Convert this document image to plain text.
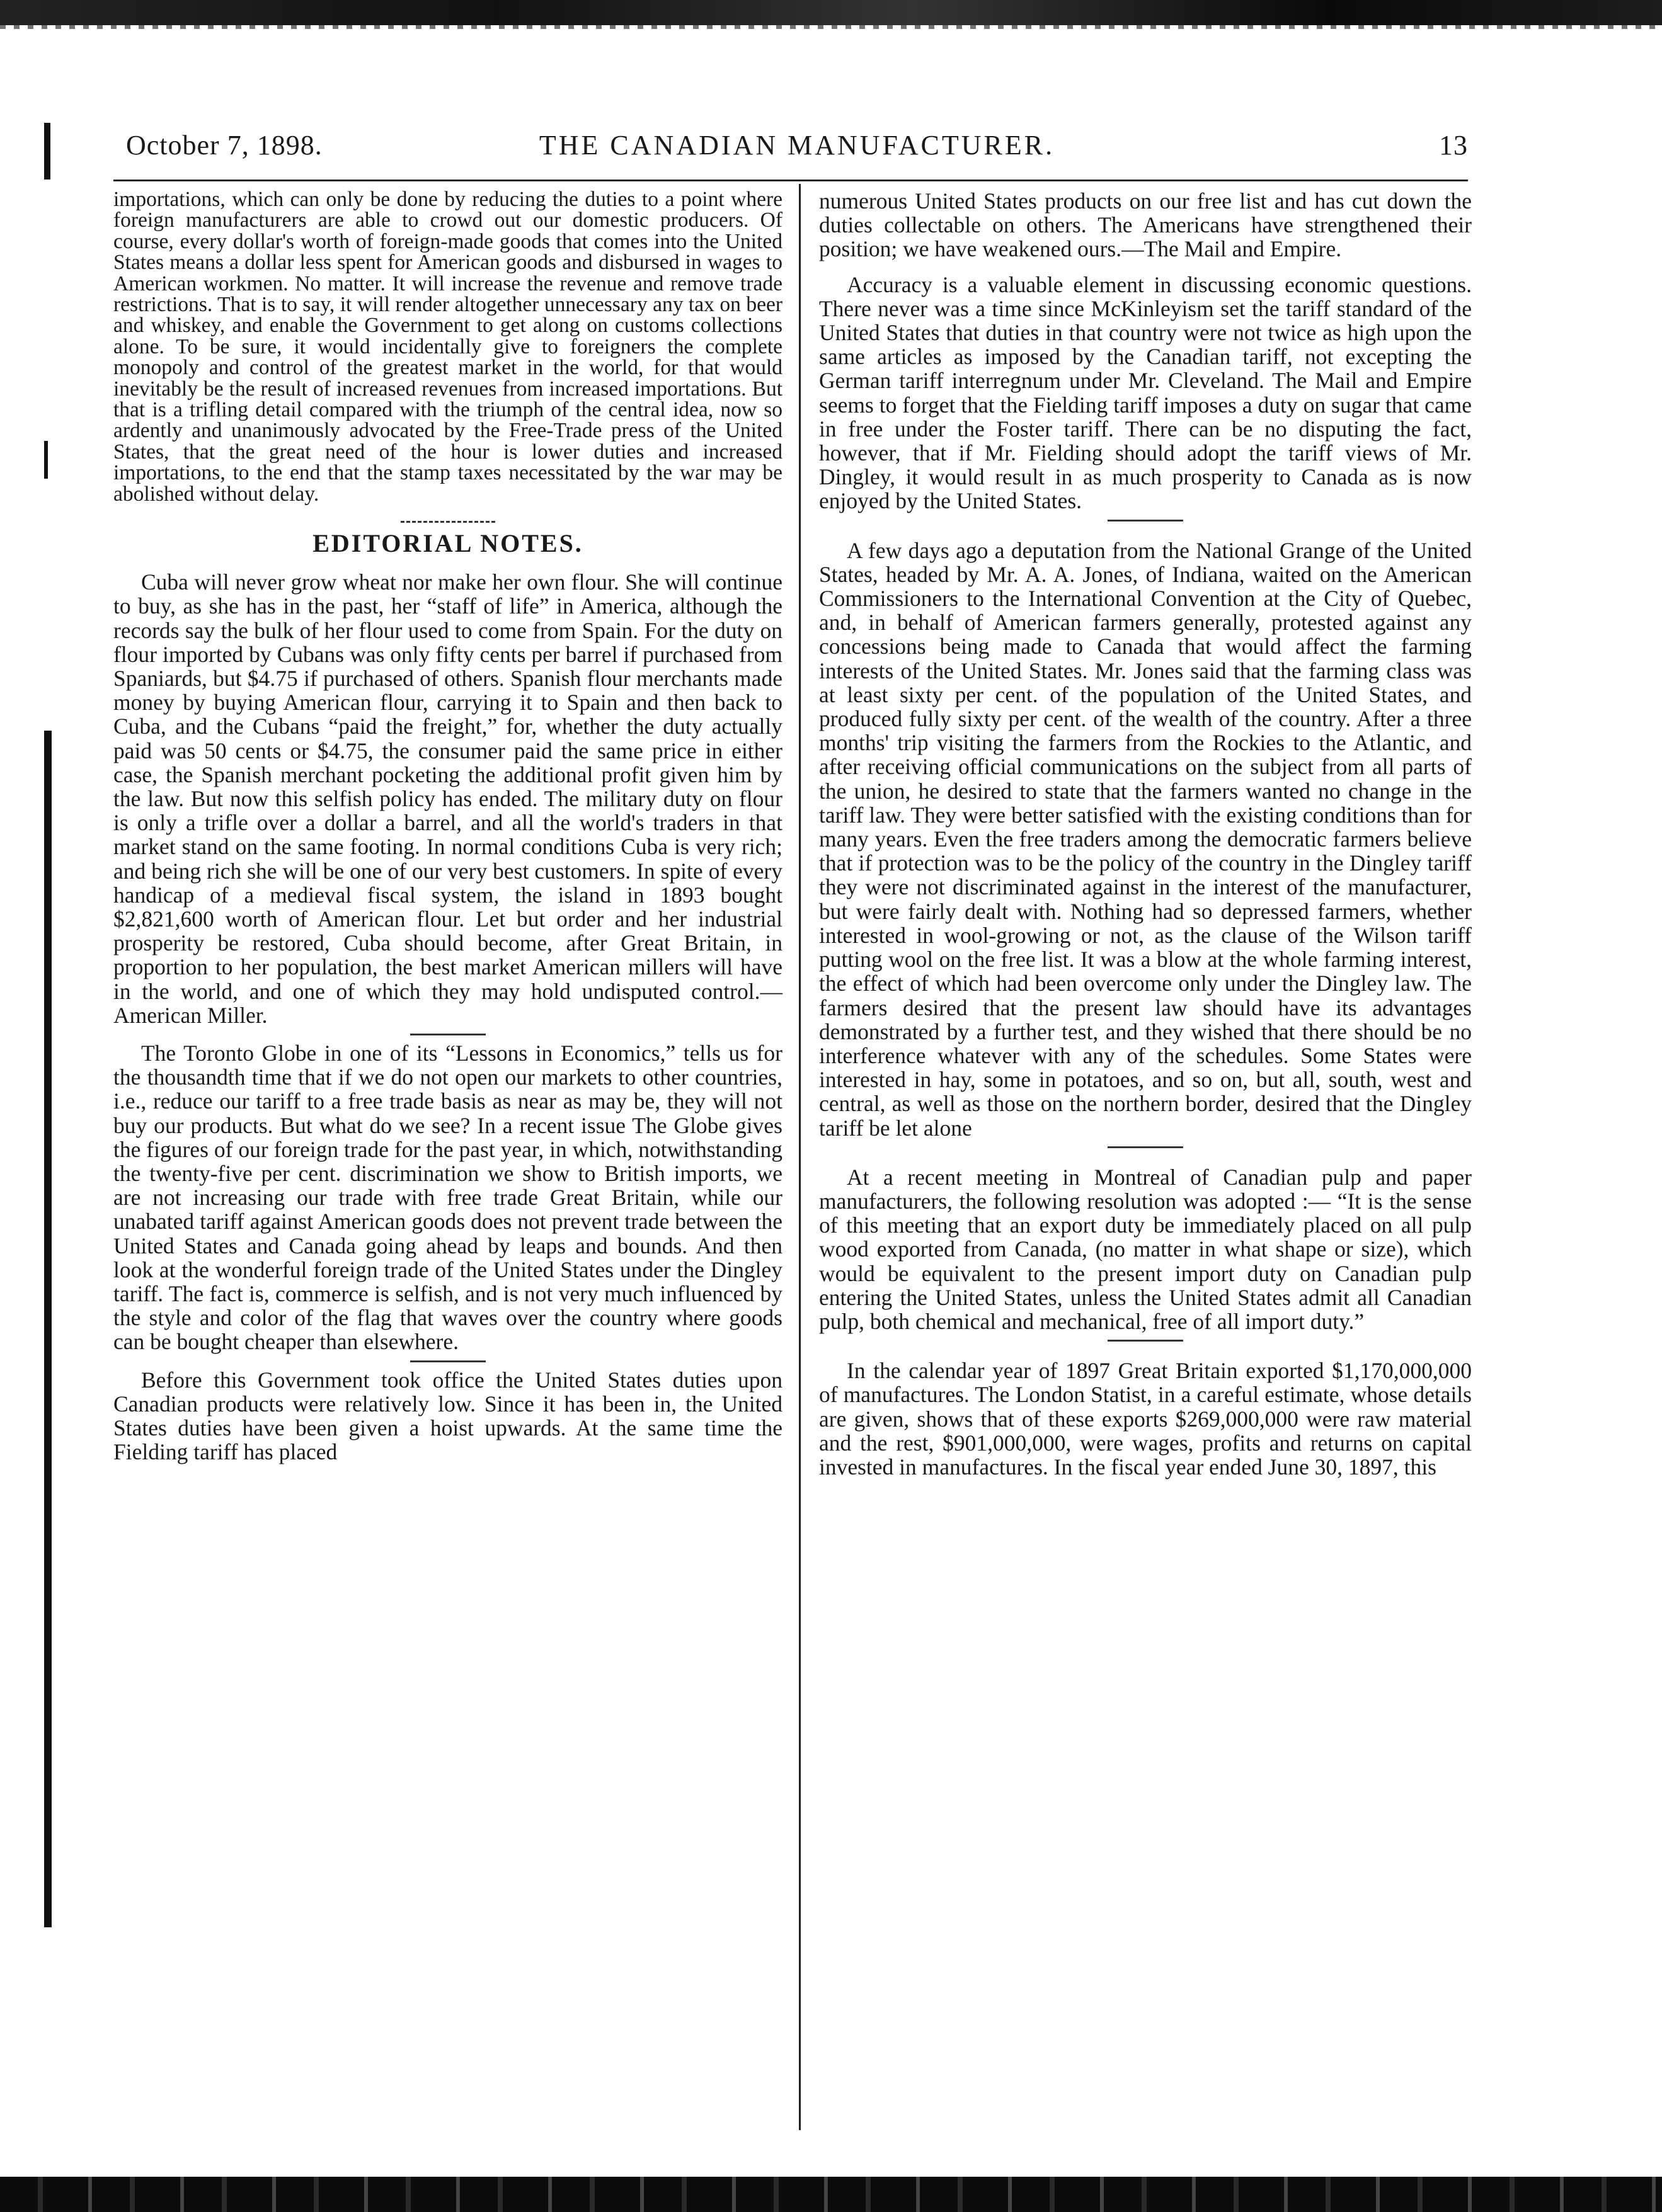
October 7, 1898.	THE CANADIAN MANUFACTURER.	13

importations, which can only be done by reducing the duties to a point where foreign manufacturers are able to crowd out our domestic producers. Of course, every dollar's worth of foreign-made goods that comes into the United States means a dollar less spent for American goods and disbursed in wages to American workmen. No matter. It will increase the revenue and remove trade restrictions. That is to say, it will render altogether unnecessary any tax on beer and whiskey, and enable the Government to get along on customs collections alone. To be sure, it would incidentally give to foreigners the complete monopoly and control of the greatest market in the world, for that would inevitably be the result of increased revenues from increased importations. But that is a trifling detail compared with the triumph of the central idea, now so ardently and unanimously advocated by the Free-Trade press of the United States, that the great need of the hour is lower duties and increased importations, to the end that the stamp taxes necessitated by the war may be abolished without delay.

EDITORIAL NOTES.

Cuba will never grow wheat nor make her own flour. She will continue to buy, as she has in the past, her “staff of life” in America, although the records say the bulk of her flour used to come from Spain. For the duty on flour imported by Cubans was only fifty cents per barrel if purchased from Spaniards, but $4.75 if purchased of others. Spanish flour merchants made money by buying American flour, carrying it to Spain and then back to Cuba, and the Cubans “paid the freight,” for, whether the duty actually paid was 50 cents or $4.75, the consumer paid the same price in either case, the Spanish merchant pocketing the additional profit given him by the law. But now this selfish policy has ended. The military duty on flour is only a trifle over a dollar a barrel, and all the world's traders in that market stand on the same footing. In normal conditions Cuba is very rich; and being rich she will be one of our very best customers. In spite of every handicap of a medieval fiscal system, the island in 1893 bought $2,821,600 worth of American flour. Let but order and her industrial prosperity be restored, Cuba should become, after Great Britain, in proportion to her population, the best market American millers will have in the world, and one of which they may hold undisputed control.—American Miller.

The Toronto Globe in one of its “Lessons in Economics,” tells us for the thousandth time that if we do not open our markets to other countries, i.e., reduce our tariff to a free trade basis as near as may be, they will not buy our products. But what do we see? In a recent issue The Globe gives the figures of our foreign trade for the past year, in which, notwithstanding the twenty-five per cent. discrimination we show to British imports, we are not increasing our trade with free trade Great Britain, while our unabated tariff against American goods does not prevent trade between the United States and Canada going ahead by leaps and bounds. And then look at the wonderful foreign trade of the United States under the Dingley tariff. The fact is, commerce is selfish, and is not very much influenced by the style and color of the flag that waves over the country where goods can be bought cheaper than elsewhere.

Before this Government took office the United States duties upon Canadian products were relatively low. Since it has been in, the United States duties have been given a hoist upwards. At the same time the Fielding tariff has placed

numerous United States products on our free list and has cut down the duties collectable on others. The Americans have strengthened their position; we have weakened ours.—The Mail and Empire.

Accuracy is a valuable element in discussing economic questions. There never was a time since McKinleyism set the tariff standard of the United States that duties in that country were not twice as high upon the same articles as imposed by the Canadian tariff, not excepting the German tariff interregnum under Mr. Cleveland. The Mail and Empire seems to forget that the Fielding tariff imposes a duty on sugar that came in free under the Foster tariff. There can be no disputing the fact, however, that if Mr. Fielding should adopt the tariff views of Mr. Dingley, it would result in as much prosperity to Canada as is now enjoyed by the United States.

A few days ago a deputation from the National Grange of the United States, headed by Mr. A. A. Jones, of Indiana, waited on the American Commissioners to the International Convention at the City of Quebec, and, in behalf of American farmers generally, protested against any concessions being made to Canada that would affect the farming interests of the United States. Mr. Jones said that the farming class was at least sixty per cent. of the population of the United States, and produced fully sixty per cent. of the wealth of the country. After a three months' trip visiting the farmers from the Rockies to the Atlantic, and after receiving official communications on the subject from all parts of the union, he desired to state that the farmers wanted no change in the tariff law. They were better satisfied with the existing conditions than for many years. Even the free traders among the democratic farmers believe that if protection was to be the policy of the country in the Dingley tariff they were not discriminated against in the interest of the manufacturer, but were fairly dealt with. Nothing had so depressed farmers, whether interested in wool-growing or not, as the clause of the Wilson tariff putting wool on the free list. It was a blow at the whole farming interest, the effect of which had been overcome only under the Dingley law. The farmers desired that the present law should have its advantages demonstrated by a further test, and they wished that there should be no interference whatever with any of the schedules. Some States were interested in hay, some in potatoes, and so on, but all, south, west and central, as well as those on the northern border, desired that the Dingley tariff be let alone

At a recent meeting in Montreal of Canadian pulp and paper manufacturers, the following resolution was adopted :— “It is the sense of this meeting that an export duty be immediately placed on all pulp wood exported from Canada, (no matter in what shape or size), which would be equivalent to the present import duty on Canadian pulp entering the United States, unless the United States admit all Canadian pulp, both chemical and mechanical, free of all import duty.”

In the calendar year of 1897 Great Britain exported $1,170,000,000 of manufactures. The London Statist, in a careful estimate, whose details are given, shows that of these exports $269,000,000 were raw material and the rest, $901,000,000, were wages, profits and returns on capital invested in manufactures. In the fiscal year ended June 30, 1897, this
